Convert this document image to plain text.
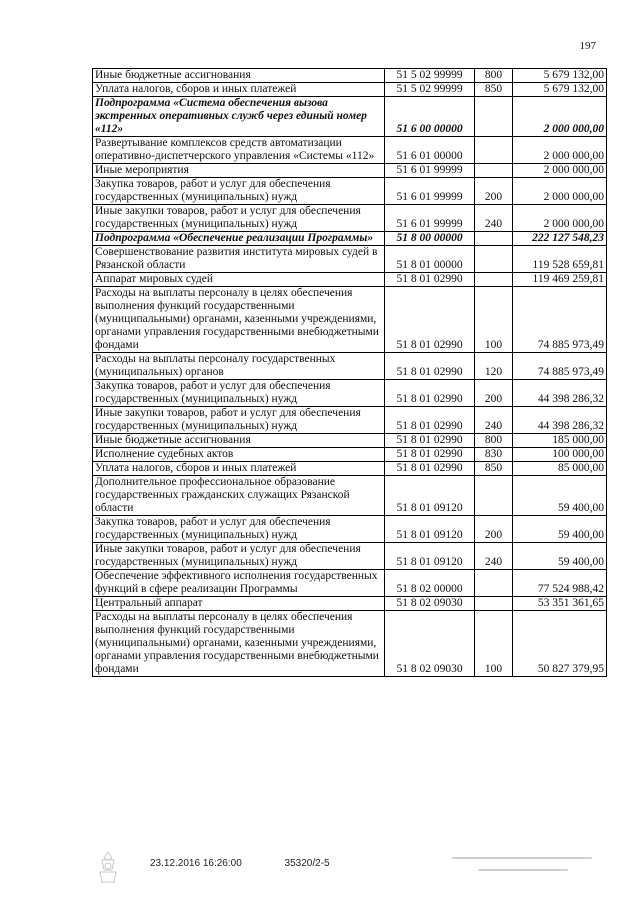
197
Иные бюджетные ассигнования	51 5 02 99999	800	5 679 132,00
Уплата налогов, сборов и иных платежей	51 5 02 99999	850	5 679 132,00
Подпрограмма «Система обеспечения вызова экстренных оперативных служб через единый номер «112»	51 6 00 00000		2 000 000,00
Развертывание комплексов средств автоматизации оперативно-диспетчерского управления «Системы «112»	51 6 01 00000		2 000 000,00
Иные мероприятия	51 6 01 99999		2 000 000,00
Закупка товаров, работ и услуг для обеспечения государственных (муниципальных) нужд	51 6 01 99999	200	2 000 000,00
Иные закупки товаров, работ и услуг для обеспечения государственных (муниципальных) нужд	51 6 01 99999	240	2 000 000,00
Подпрограмма «Обеспечение реализации Программы»	51 8 00 00000		222 127 548,23
Совершенствование развития института мировых судей в Рязанской области	51 8 01 00000		119 528 659,81
Аппарат мировых судей	51 8 01 02990		119 469 259,81
Расходы на выплаты персоналу в целях обеспечения выполнения функций государственными (муниципальными) органами, казенными учреждениями, органами управления государственными внебюджетными фондами	51 8 01 02990	100	74 885 973,49
Расходы на выплаты персоналу государственных (муниципальных) органов	51 8 01 02990	120	74 885 973,49
Закупка товаров, работ и услуг для обеспечения государственных (муниципальных) нужд	51 8 01 02990	200	44 398 286,32
Иные закупки товаров, работ и услуг для обеспечения государственных (муниципальных) нужд	51 8 01 02990	240	44 398 286,32
Иные бюджетные ассигнования	51 8 01 02990	800	185 000,00
Исполнение судебных актов	51 8 01 02990	830	100 000,00
Уплата налогов, сборов и иных платежей	51 8 01 02990	850	85 000,00
Дополнительное профессиональное образование государственных гражданских служащих Рязанской области	51 8 01 09120		59 400,00
Закупка товаров, работ и услуг для обеспечения государственных (муниципальных) нужд	51 8 01 09120	200	59 400,00
Иные закупки товаров, работ и услуг для обеспечения государственных (муниципальных) нужд	51 8 01 09120	240	59 400,00
Обеспечение эффективного исполнения государственных функций в сфере реализации Программы	51 8 02 00000		77 524 988,42
Центральный аппарат	51 8 02 09030		53 351 361,65
Расходы на выплаты персоналу в целях обеспечения выполнения функций государственными (муниципальными) органами, казенными учреждениями, органами управления государственными внебюджетными фондами	51 8 02 09030	100	50 827 379,95
23.12.2016 16:26:00	35320/2-5
